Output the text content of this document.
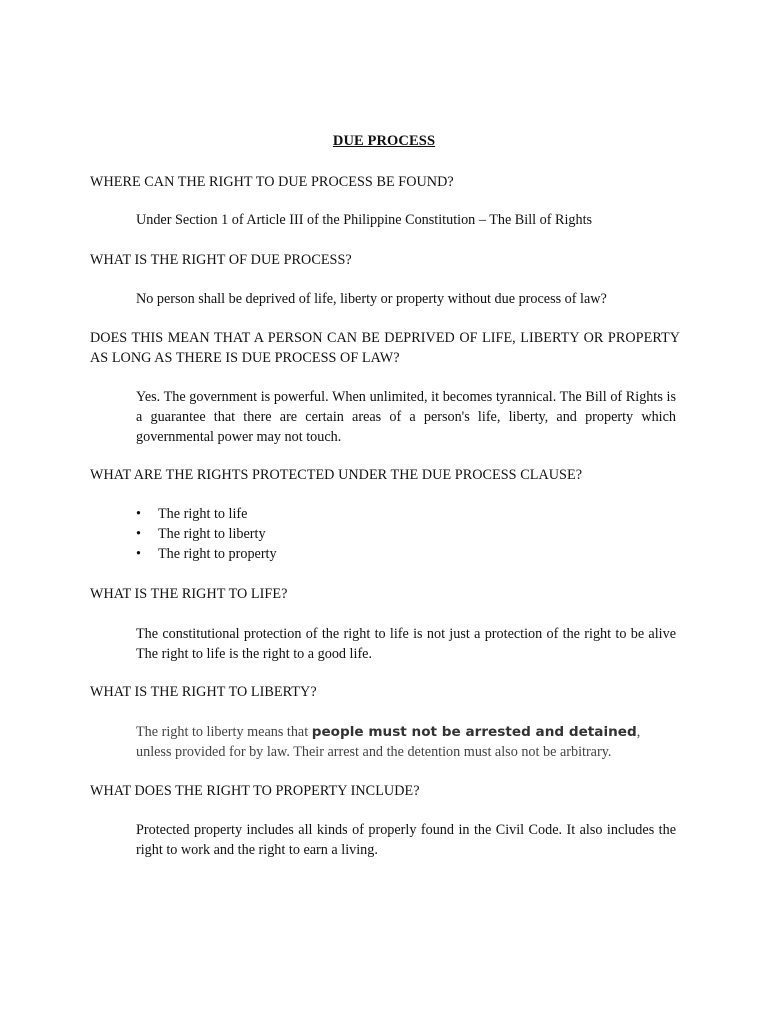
DUE PROCESS

WHERE CAN THE RIGHT TO DUE PROCESS BE FOUND?

Under Section 1 of Article III of the Philippine Constitution – The Bill of Rights

WHAT IS THE RIGHT OF DUE PROCESS?

No person shall be deprived of life, liberty or property without due process of law?

DOES THIS MEAN THAT A PERSON CAN BE DEPRIVED OF LIFE, LIBERTY OR PROPERTY AS LONG AS THERE IS DUE PROCESS OF LAW?

Yes. The government is powerful. When unlimited, it becomes tyrannical. The Bill of Rights is a guarantee that there are certain areas of a person's life, liberty, and property which governmental power may not touch.

WHAT ARE THE RIGHTS PROTECTED UNDER THE DUE PROCESS CLAUSE?

• The right to life
• The right to liberty
• The right to property

WHAT IS THE RIGHT TO LIFE?

The constitutional protection of the right to life is not just a protection of the right to be alive The right to life is the right to a good life.

WHAT IS THE RIGHT TO LIBERTY?

The right to liberty means that people must not be arrested and detained, unless provided for by law. Their arrest and the detention must also not be arbitrary.

WHAT DOES THE RIGHT TO PROPERTY INCLUDE?

Protected property includes all kinds of properly found in the Civil Code. It also includes the right to work and the right to earn a living.
